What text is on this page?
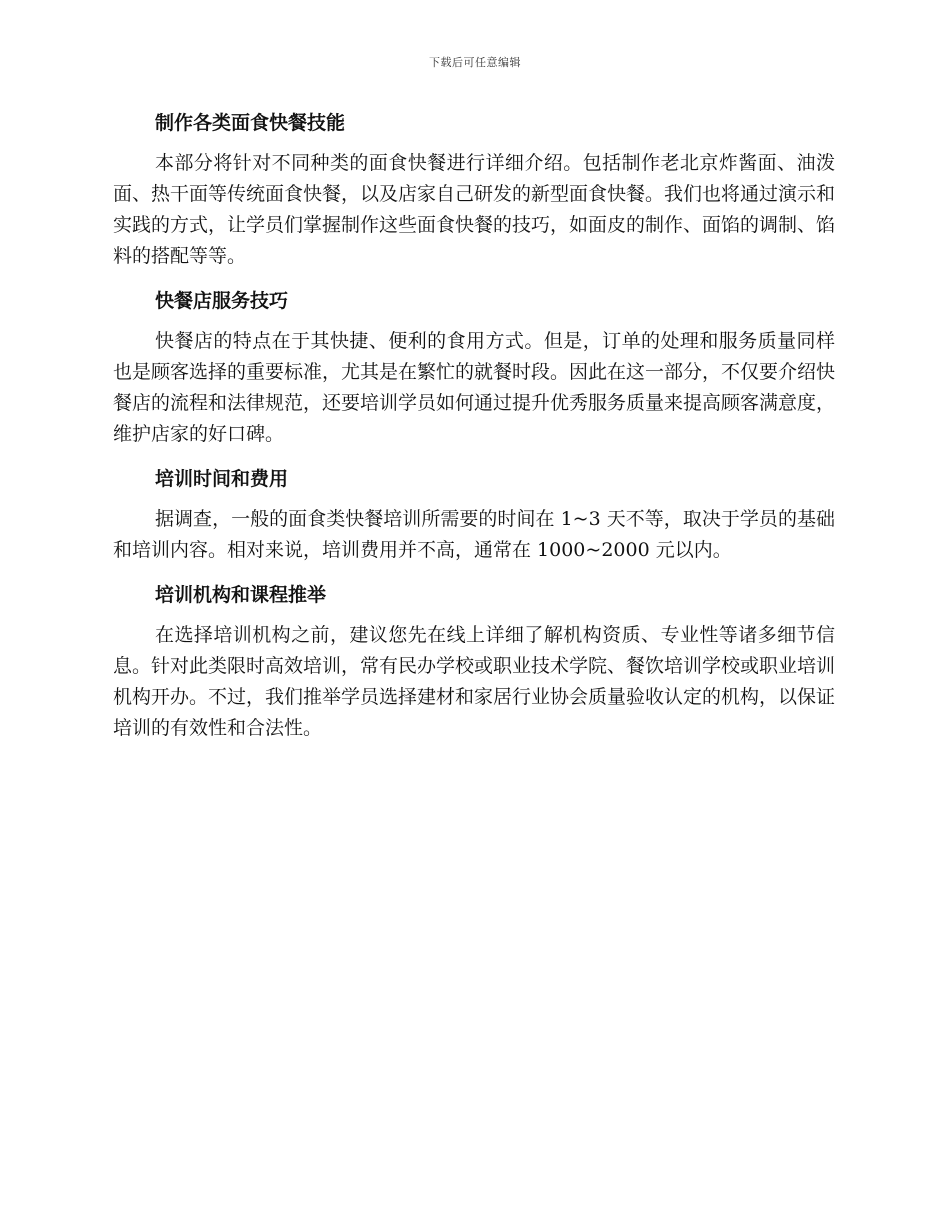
下载后可任意编辑
制作各类面食快餐技能

本部分将针对不同种类的面食快餐进行详细介绍。包括制作老北京炸酱面、油泼面、热干面等传统面食快餐，以及店家自己研发的新型面食快餐。我们也将通过演示和实践的方式，让学员们掌握制作这些面食快餐的技巧，如面皮的制作、面馅的调制、馅料的搭配等等。

快餐店服务技巧

快餐店的特点在于其快捷、便利的食用方式。但是，订单的处理和服务质量同样也是顾客选择的重要标准，尤其是在繁忙的就餐时段。因此在这一部分，不仅要介绍快餐店的流程和法律规范，还要培训学员如何通过提升优秀服务质量来提高顾客满意度，维护店家的好口碑。

培训时间和费用

据调查，一般的面食类快餐培训所需要的时间在 1~3 天不等，取决于学员的基础和培训内容。相对来说，培训费用并不高，通常在 1000~2000 元以内。

培训机构和课程推举

在选择培训机构之前，建议您先在线上详细了解机构资质、专业性等诸多细节信息。针对此类限时高效培训，常有民办学校或职业技术学院、餐饮培训学校或职业培训机构开办。不过，我们推举学员选择建材和家居行业协会质量验收认定的机构，以保证培训的有效性和合法性。
